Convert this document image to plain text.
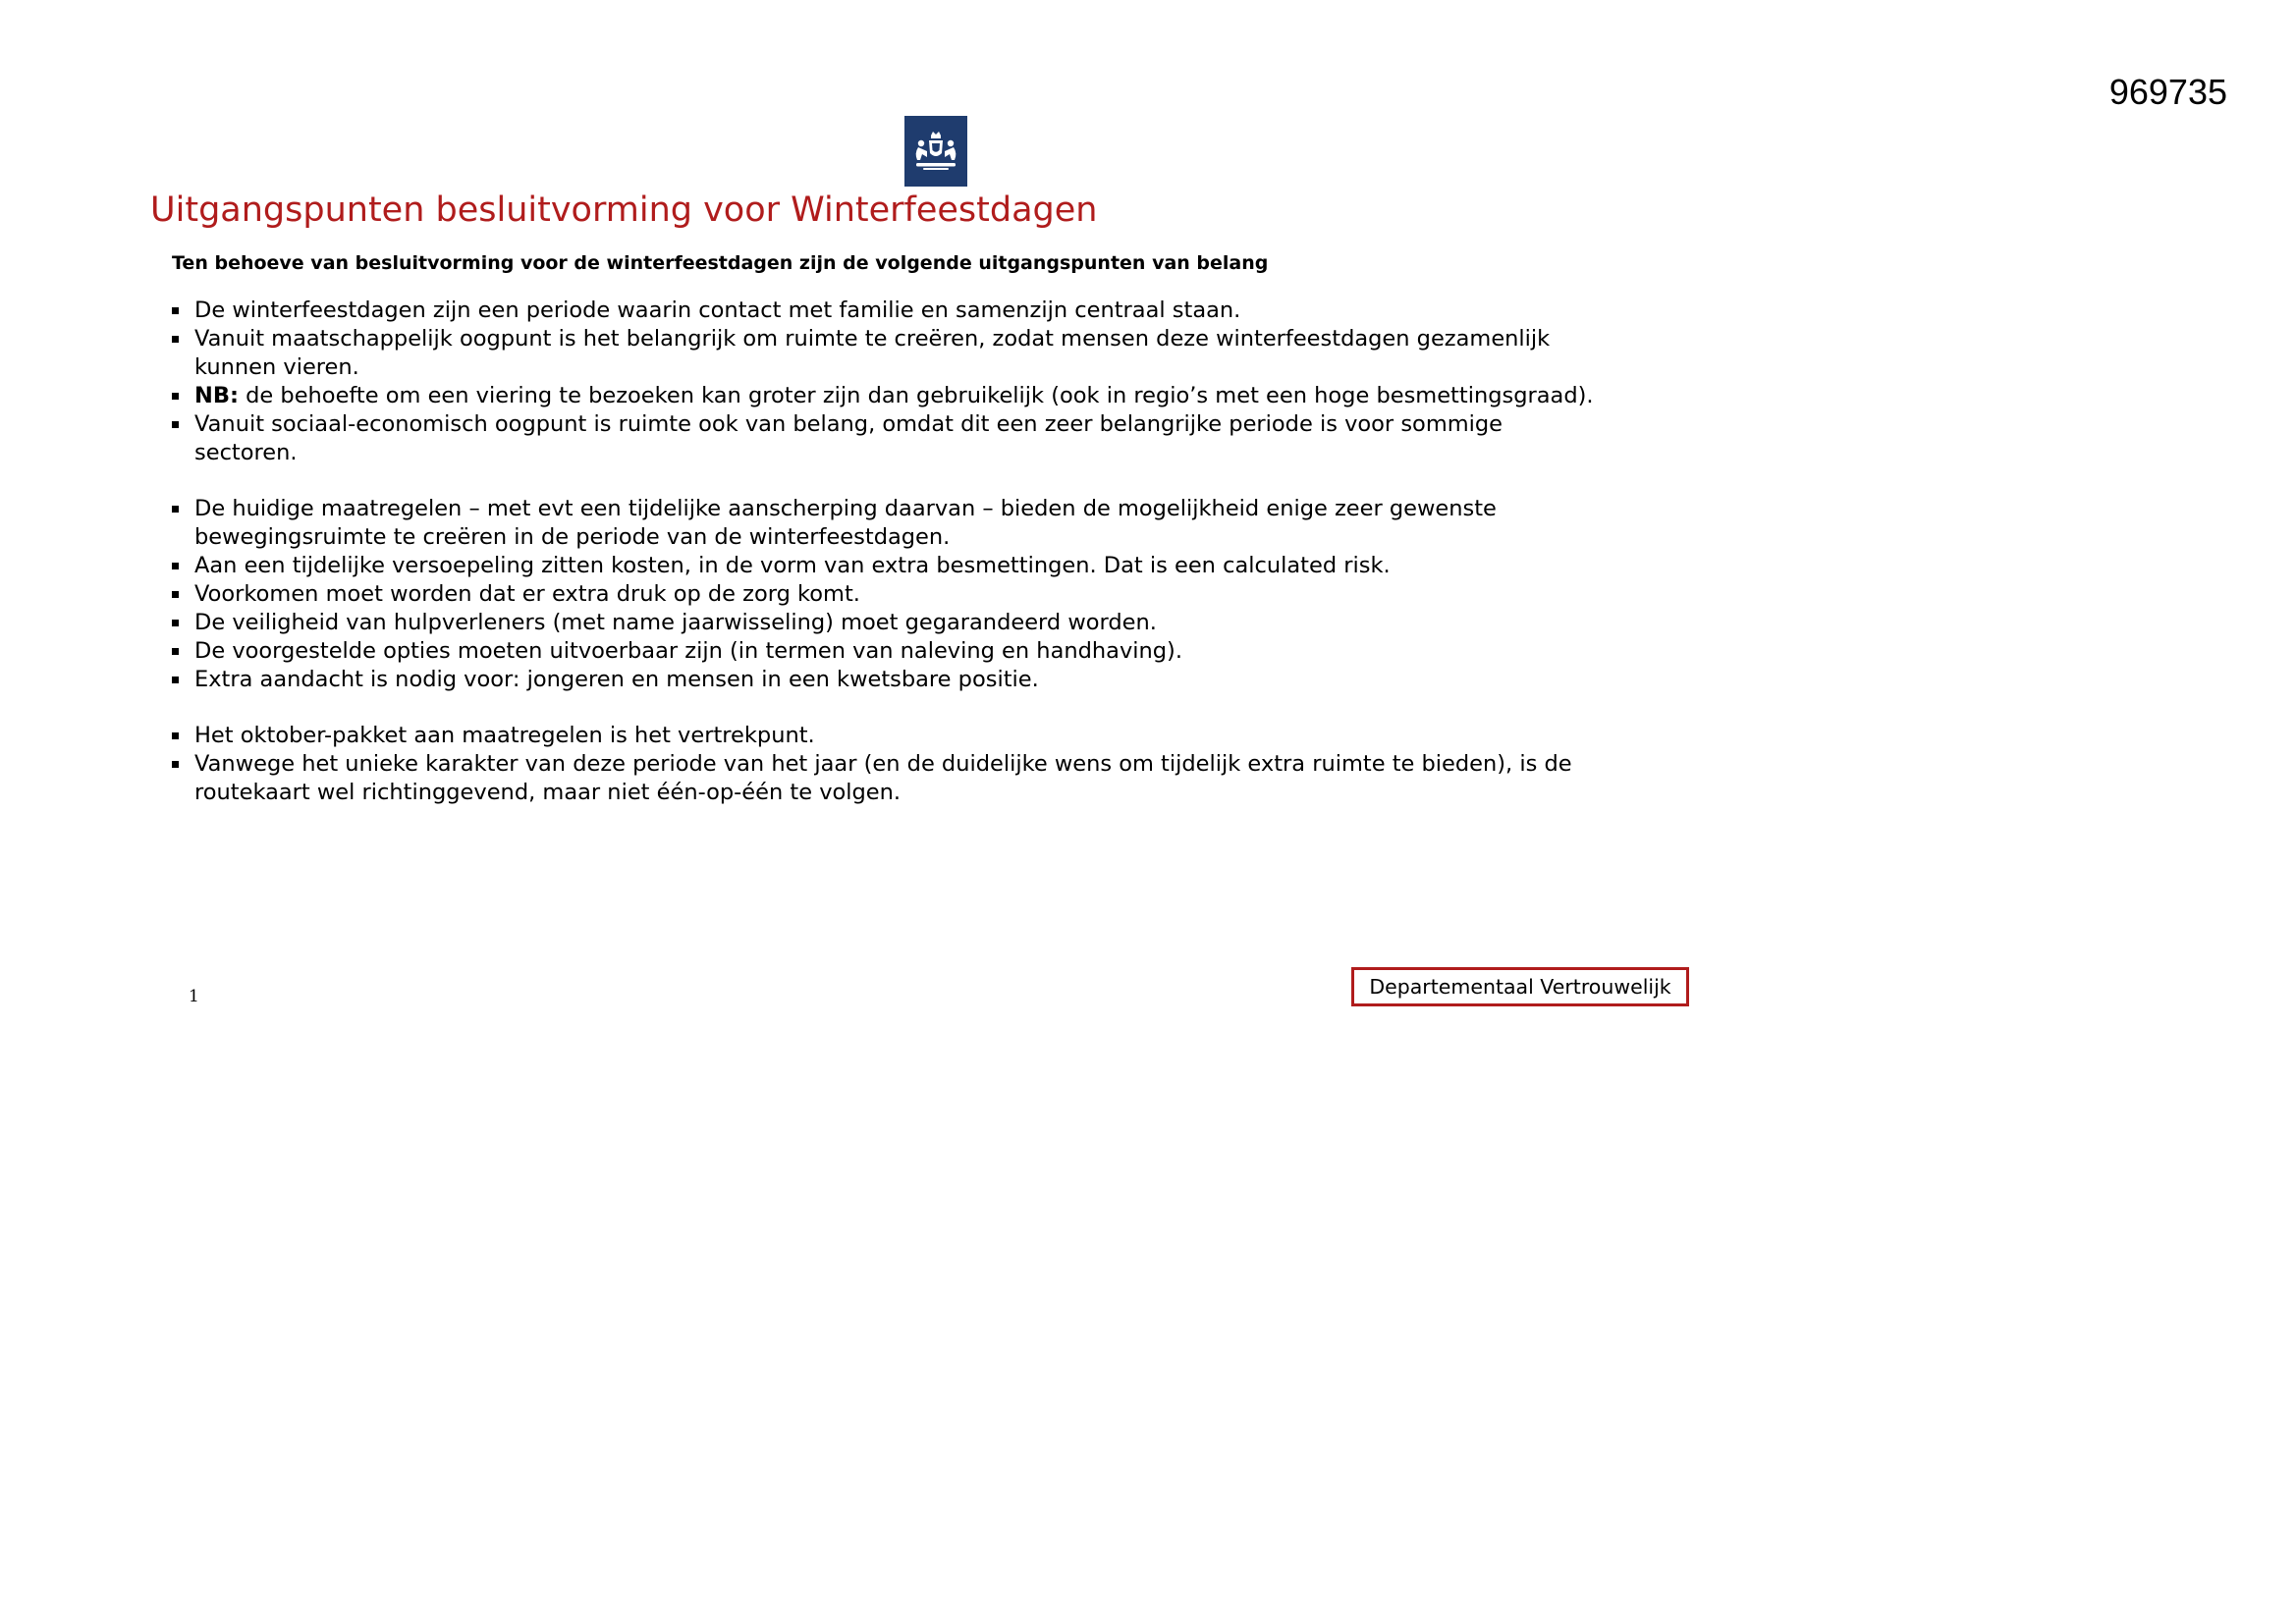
969735
Uitgangspunten besluitvorming voor Winterfeestdagen

Ten behoeve van besluitvorming voor de winterfeestdagen zijn de volgende uitgangspunten van belang

De winterfeestdagen zijn een periode waarin contact met familie en samenzijn centraal staan.
Vanuit maatschappelijk oogpunt is het belangrijk om ruimte te creëren, zodat mensen deze winterfeestdagen gezamenlijk
kunnen vieren.
NB: de behoefte om een viering te bezoeken kan groter zijn dan gebruikelijk (ook in regio’s met een hoge besmettingsgraad).
Vanuit sociaal-economisch oogpunt is ruimte ook van belang, omdat dit een zeer belangrijke periode is voor sommige
sectoren.
De huidige maatregelen – met evt een tijdelijke aanscherping daarvan – bieden de mogelijkheid enige zeer gewenste
bewegingsruimte te creëren in de periode van de winterfeestdagen.
Aan een tijdelijke versoepeling zitten kosten, in de vorm van extra besmettingen. Dat is een calculated risk.
Voorkomen moet worden dat er extra druk op de zorg komt.
De veiligheid van hulpverleners (met name jaarwisseling) moet gegarandeerd worden.
De voorgestelde opties moeten uitvoerbaar zijn (in termen van naleving en handhaving).
Extra aandacht is nodig voor: jongeren en mensen in een kwetsbare positie.
Het oktober-pakket aan maatregelen is het vertrekpunt.
Vanwege het unieke karakter van deze periode van het jaar (en de duidelijke wens om tijdelijk extra ruimte te bieden), is de
routekaart wel richtinggevend, maar niet één-op-één te volgen.
1	Departementaal Vertrouwelijk
